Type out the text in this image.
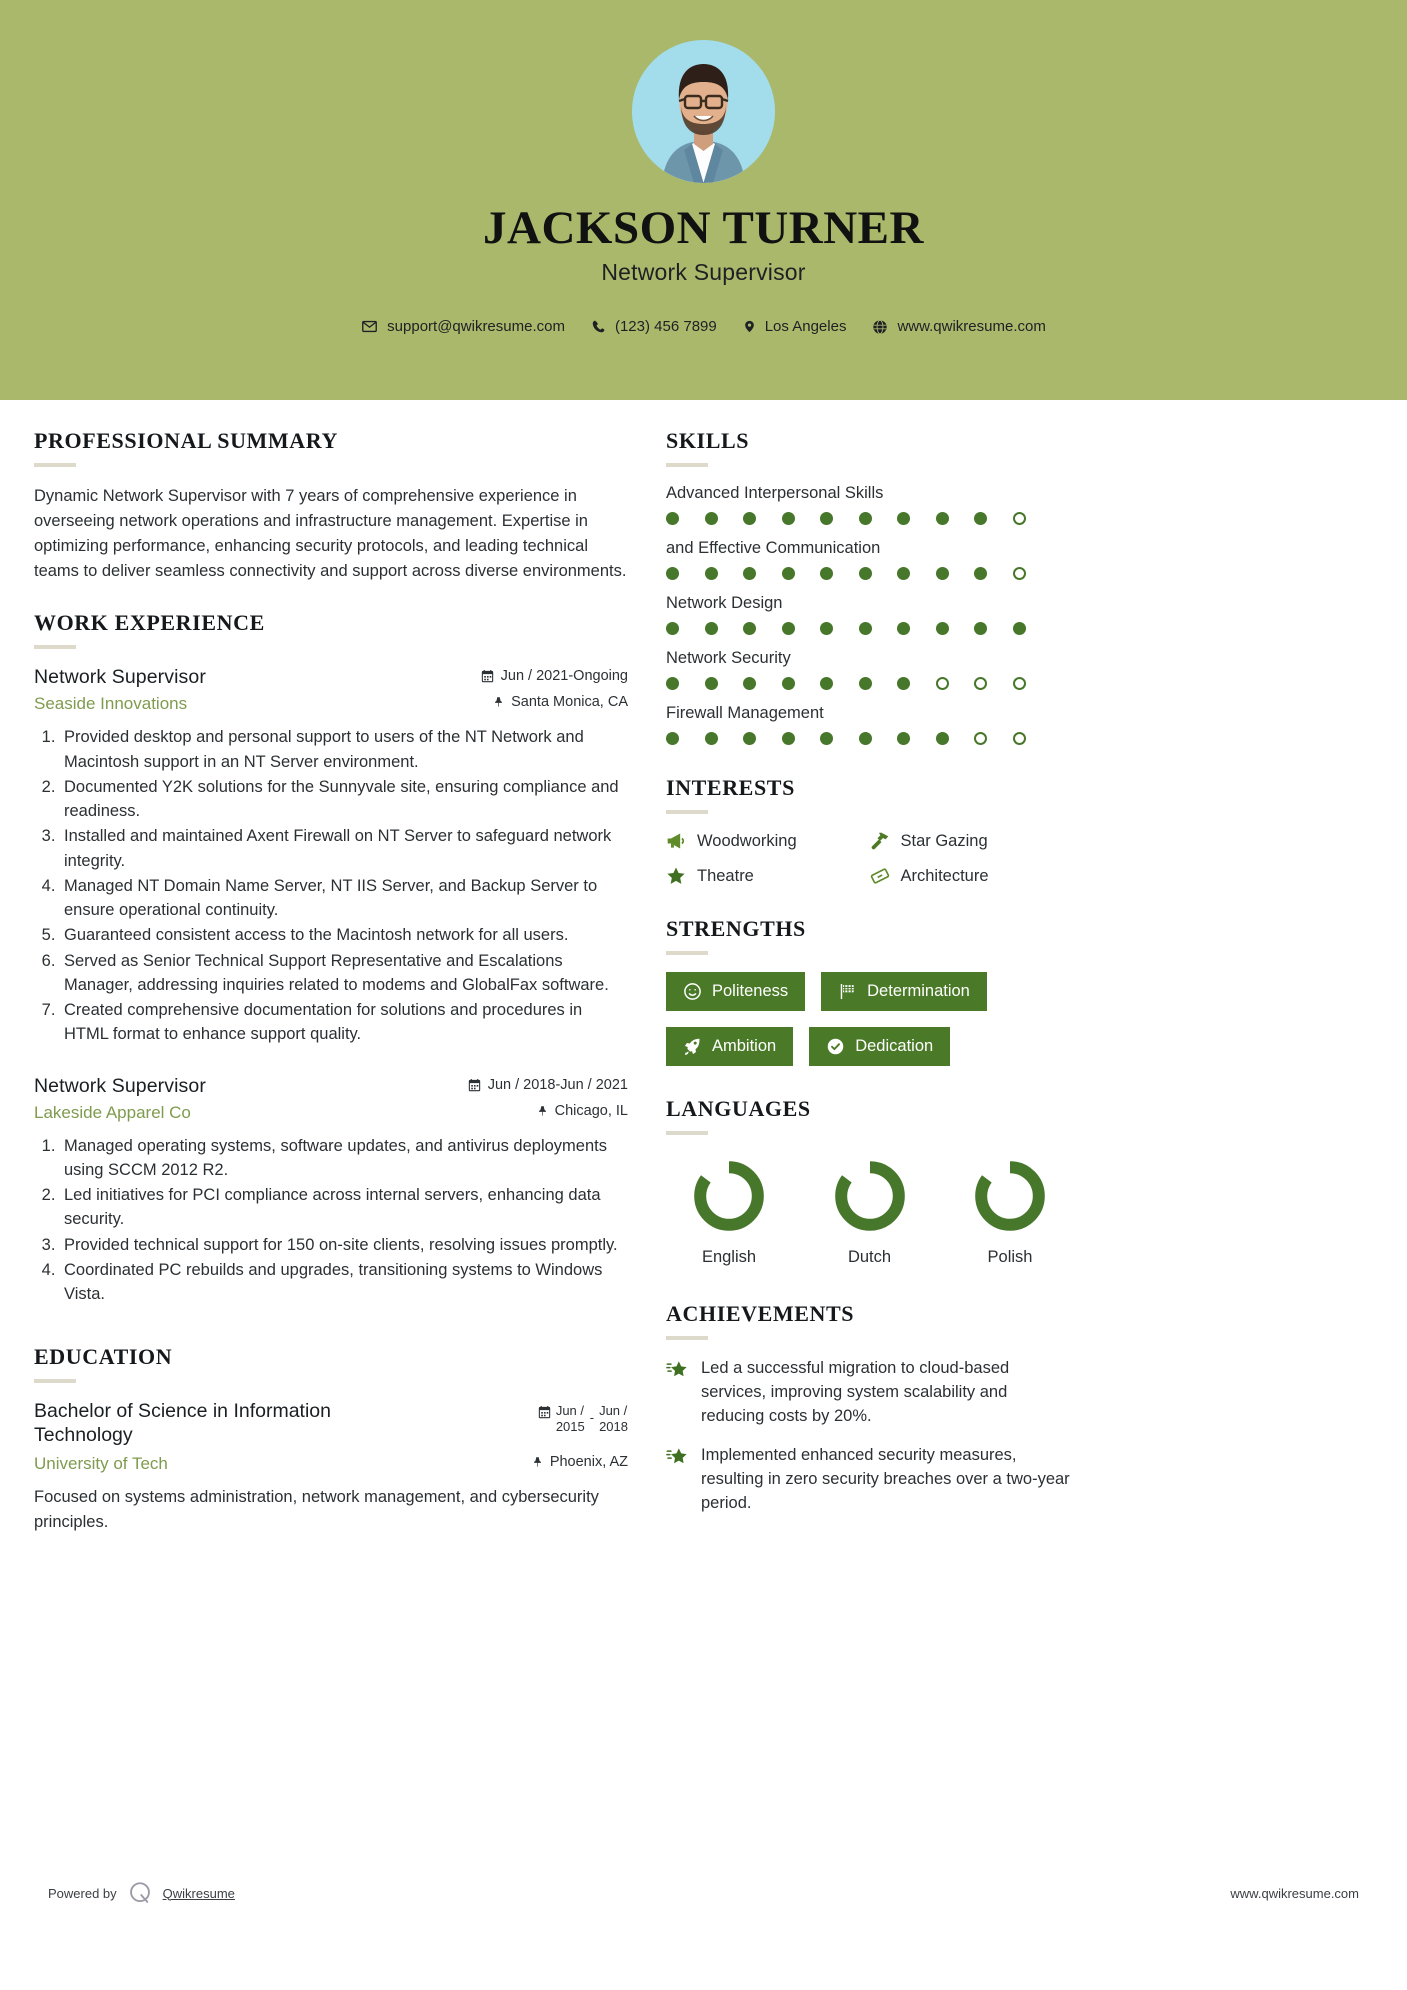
JACKSON TURNER
Network Supervisor
support@qwikresume.com	(123) 456 7899	Los Angeles	www.qwikresume.com
PROFESSIONAL SUMMARY
Dynamic Network Supervisor with 7 years of comprehensive experience in overseeing network operations and infrastructure management. Expertise in optimizing performance, enhancing security protocols, and leading technical teams to deliver seamless connectivity and support across diverse environments.
WORK EXPERIENCE
Network Supervisor	Jun / 2021-Ongoing
Seaside Innovations	Santa Monica, CA
1. Provided desktop and personal support to users of the NT Network and Macintosh support in an NT Server environment.
2. Documented Y2K solutions for the Sunnyvale site, ensuring compliance and readiness.
3. Installed and maintained Axent Firewall on NT Server to safeguard network integrity.
4. Managed NT Domain Name Server, NT IIS Server, and Backup Server to ensure operational continuity.
5. Guaranteed consistent access to the Macintosh network for all users.
6. Served as Senior Technical Support Representative and Escalations Manager, addressing inquiries related to modems and GlobalFax software.
7. Created comprehensive documentation for solutions and procedures in HTML format to enhance support quality.
Network Supervisor	Jun / 2018-Jun / 2021
Lakeside Apparel Co	Chicago, IL
1. Managed operating systems, software updates, and antivirus deployments using SCCM 2012 R2.
2. Led initiatives for PCI compliance across internal servers, enhancing data security.
3. Provided technical support for 150 on-site clients, resolving issues promptly.
4. Coordinated PC rebuilds and upgrades, transitioning systems to Windows Vista.
EDUCATION
Bachelor of Science in Information Technology
Jun /
2015
- Jun /
2018
University of Tech	Phoenix, AZ
Focused on systems administration, network management, and cybersecurity principles.
SKILLS
Advanced Interpersonal Skills
and Effective Communication
Network Design
Network Security
Firewall Management
INTERESTS
Woodworking	Star Gazing
Theatre	Architecture
STRENGTHS
Politeness	Determination
Ambition	Dedication
LANGUAGES
English	Dutch	Polish
ACHIEVEMENTS
Led a successful migration to cloud-based services, improving system scalability and reducing costs by 20%.
Implemented enhanced security measures, resulting in zero security breaches over a two-year period.
Powered by	Qwikresume	www.qwikresume.com
